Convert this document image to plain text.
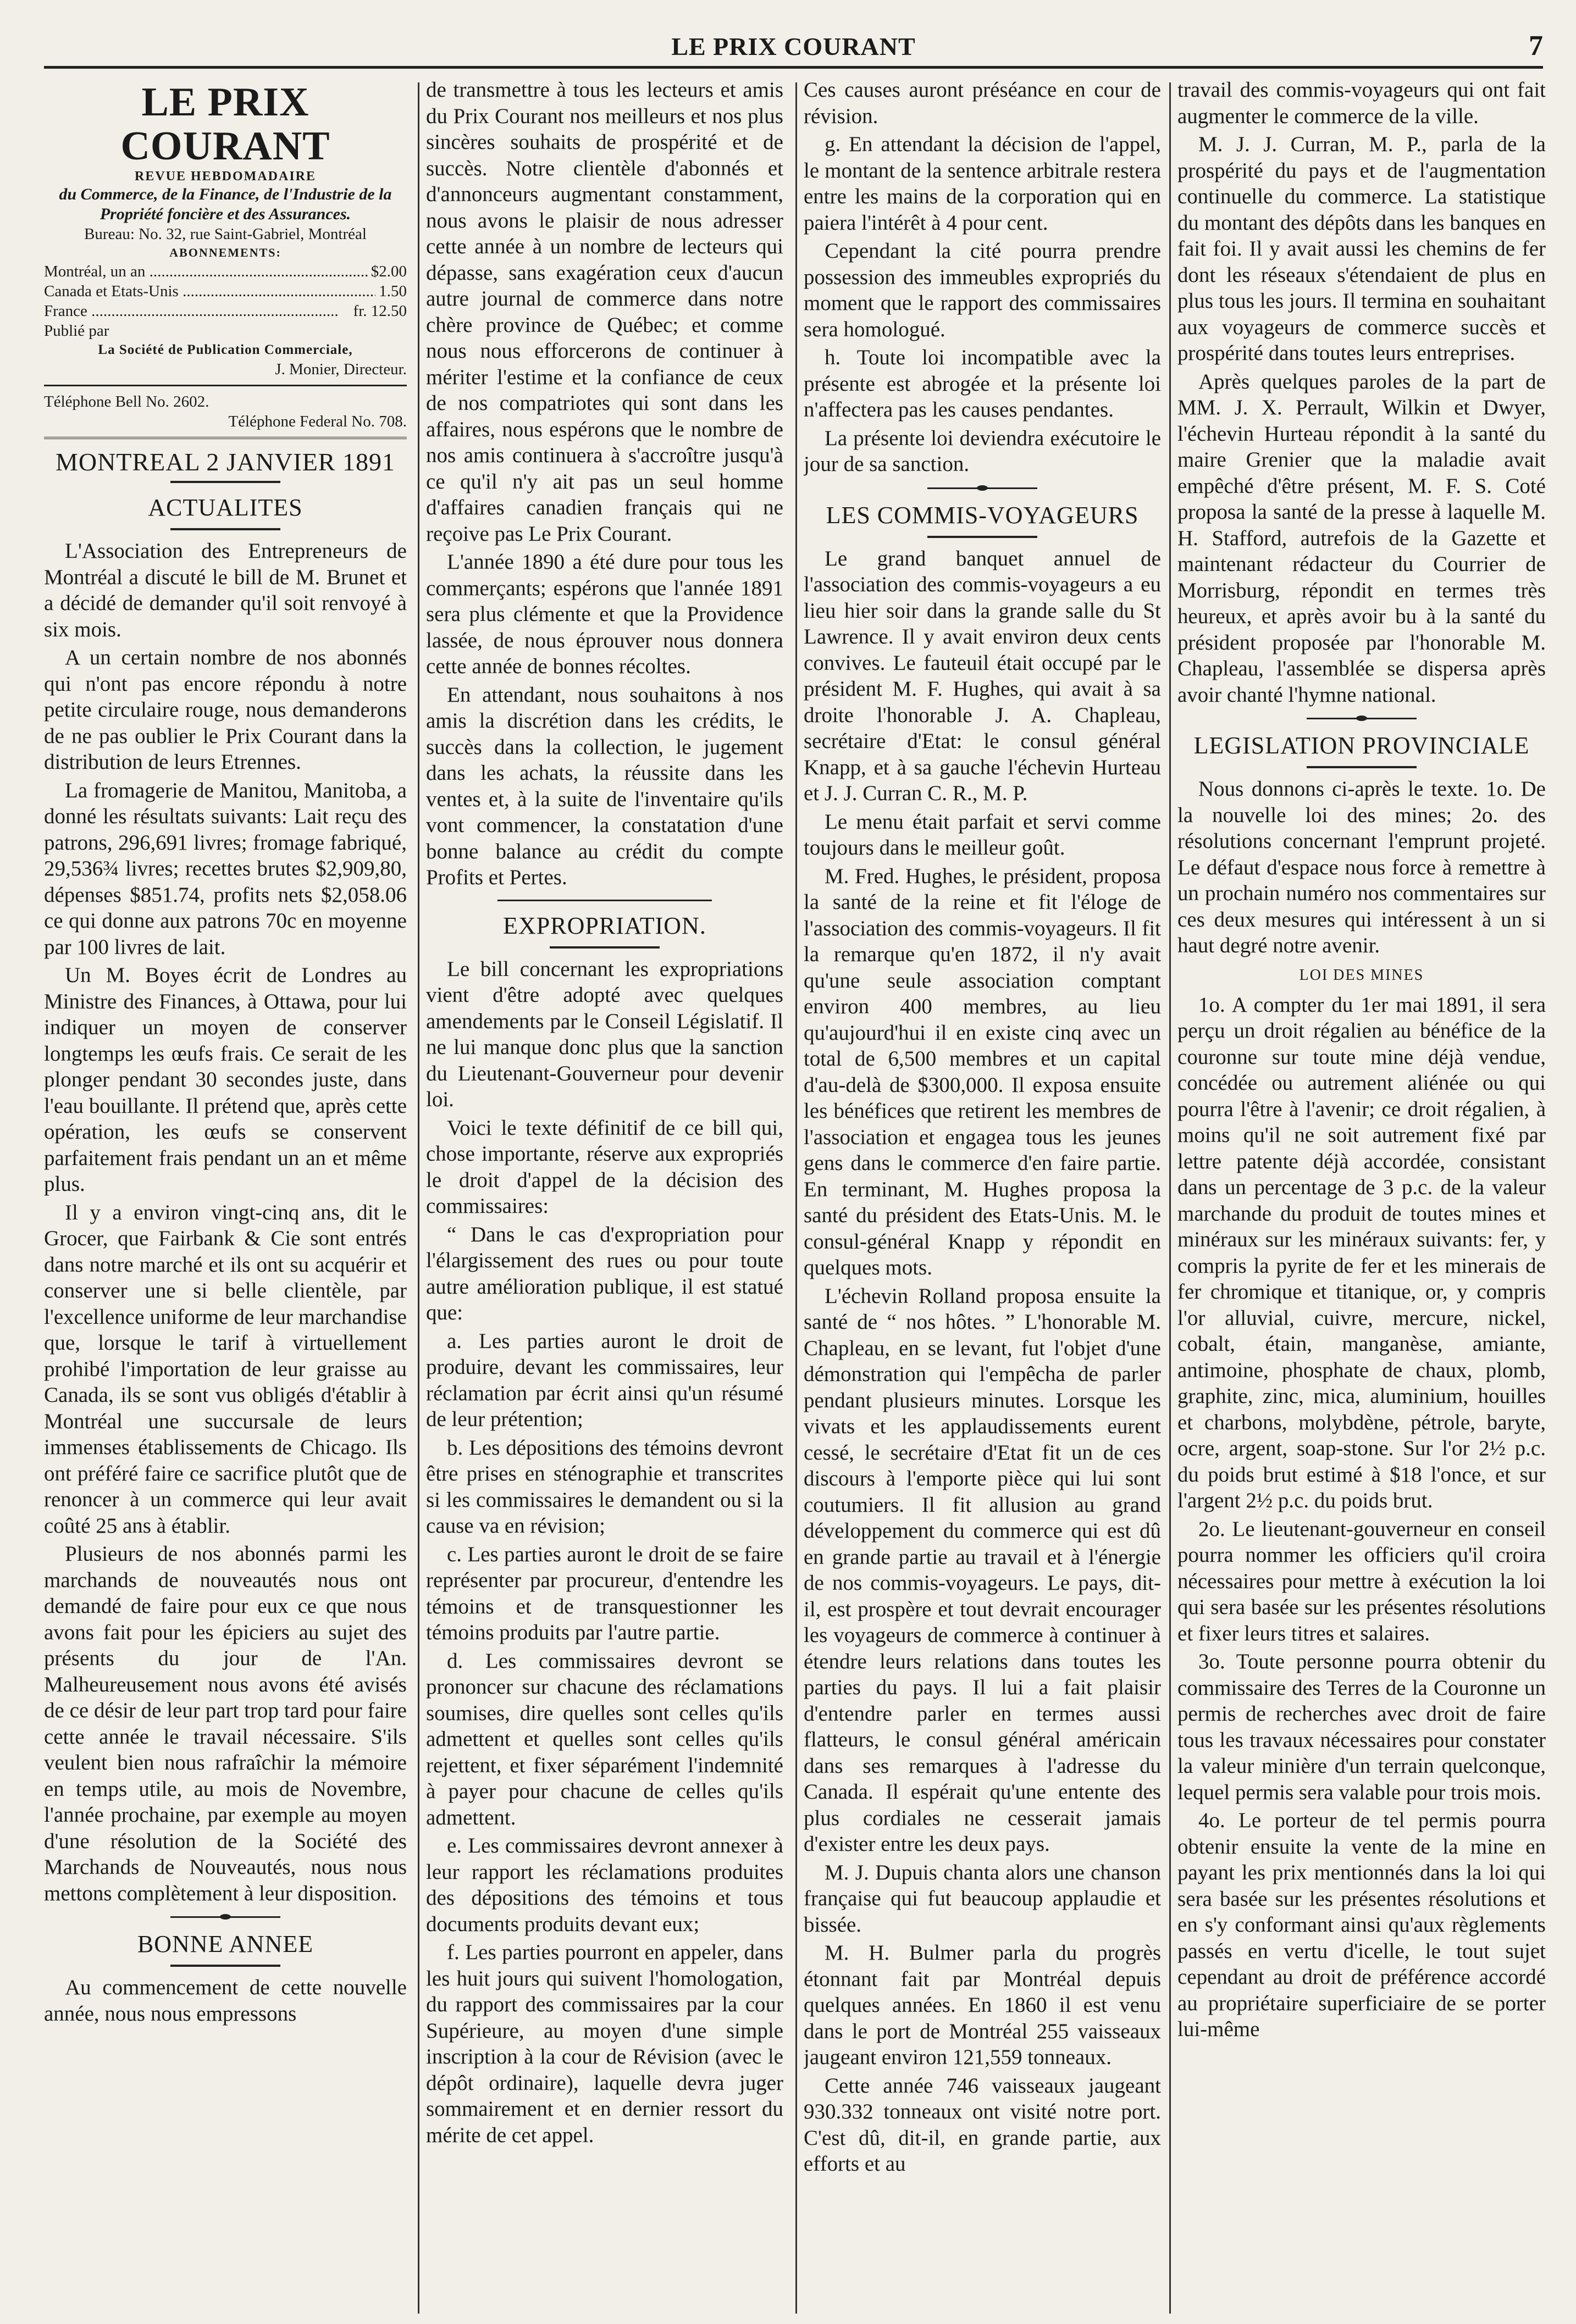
LE PRIX COURANT	7
LE PRIX COURANT
REVUE HEBDOMADAIRE
du Commerce, de la Finance, de l'Industrie de la Propriété foncière et des Assurances.
Bureau: No. 32, rue Saint-Gabriel, Montréal
ABONNEMENTS:
Montréal, un an .....	$2.00
Canada et Etats-Unis .....	1.50
France .....	fr. 12.50
Publié par
La Société de Publication Commerciale,
J. Monier, Directeur.
Téléphone Bell No. 2602.
Téléphone Federal No. 708.
MONTREAL 2 JANVIER 1891
ACTUALITES

L'Association des Entrepreneurs de Montréal a discuté le bill de M. Brunet et a décidé de demander qu'il soit renvoyé à six mois.

A un certain nombre de nos abonnés qui n'ont pas encore répondu à notre petite circulaire rouge, nous demanderons de ne pas oublier le Prix Courant dans la distribution de leurs Etrennes.

La fromagerie de Manitou, Manitoba, a donné les résultats suivants: Lait reçu des patrons, 296,691 livres; fromage fabriqué, 29,536¾ livres; recettes brutes $2,909,80, dépenses $851.74, profits nets $2,058.06 ce qui donne aux patrons 70c en moyenne par 100 livres de lait.

Un M. Boyes écrit de Londres au Ministre des Finances, à Ottawa, pour lui indiquer un moyen de conserver longtemps les œufs frais. Ce serait de les plonger pendant 30 secondes juste, dans l'eau bouillante. Il prétend que, après cette opération, les œufs se conservent parfaitement frais pendant un an et même plus.

Il y a environ vingt-cinq ans, dit le Grocer, que Fairbank & Cie sont entrés dans notre marché et ils ont su acquérir et conserver une si belle clientèle, par l'excellence uniforme de leur marchandise que, lorsque le tarif à virtuellement prohibé l'importation de leur graisse au Canada, ils se sont vus obligés d'établir à Montréal une succursale de leurs immenses établissements de Chicago. Ils ont préféré faire ce sacrifice plutôt que de renoncer à un commerce qui leur avait coûté 25 ans à établir.

Plusieurs de nos abonnés parmi les marchands de nouveautés nous ont demandé de faire pour eux ce que nous avons fait pour les épiciers au sujet des présents du jour de l'An. Malheureusement nous avons été avisés de ce désir de leur part trop tard pour faire cette année le travail nécessaire. S'ils veulent bien nous rafraîchir la mémoire en temps utile, au mois de Novembre, l'année prochaine, par exemple au moyen d'une résolution de la Société des Marchands de Nouveautés, nous nous mettons complètement à leur disposition.

BONNE ANNEE

Au commencement de cette nouvelle année, nous nous empressons

de transmettre à tous les lecteurs et amis du Prix Courant nos meilleurs et nos plus sincères souhaits de prospérité et de succès. Notre clientèle d'abonnés et d'annonceurs augmentant constamment, nous avons le plaisir de nous adresser cette année à un nombre de lecteurs qui dépasse, sans exagération ceux d'aucun autre journal de commerce dans notre chère province de Québec; et comme nous nous efforcerons de continuer à mériter l'estime et la confiance de ceux de nos compatriotes qui sont dans les affaires, nous espérons que le nombre de nos amis continuera à s'accroître jusqu'à ce qu'il n'y ait pas un seul homme d'affaires canadien français qui ne reçoive pas Le Prix Courant.

L'année 1890 a été dure pour tous les commerçants; espérons que l'année 1891 sera plus clémente et que la Providence lassée, de nous éprouver nous donnera cette année de bonnes récoltes.

En attendant, nous souhaitons à nos amis la discrétion dans les crédits, le succès dans la collection, le jugement dans les achats, la réussite dans les ventes et, à la suite de l'inventaire qu'ils vont commencer, la constatation d'une bonne balance au crédit du compte Profits et Pertes.

EXPROPRIATION.

Le bill concernant les expropriations vient d'être adopté avec quelques amendements par le Conseil Législatif. Il ne lui manque donc plus que la sanction du Lieutenant-Gouverneur pour devenir loi.

Voici le texte définitif de ce bill qui, chose importante, réserve aux expropriés le droit d'appel de la décision des commissaires:

“ Dans le cas d'expropriation pour l'élargissement des rues ou pour toute autre amélioration publique, il est statué que:

a. Les parties auront le droit de produire, devant les commissaires, leur réclamation par écrit ainsi qu'un résumé de leur prétention;

b. Les dépositions des témoins devront être prises en sténographie et transcrites si les commissaires le demandent ou si la cause va en révision;

c. Les parties auront le droit de se faire représenter par procureur, d'entendre les témoins et de transquestionner les témoins produits par l'autre partie.

d. Les commissaires devront se prononcer sur chacune des réclamations soumises, dire quelles sont celles qu'ils admettent et quelles sont celles qu'ils rejettent, et fixer séparément l'indemnité à payer pour chacune de celles qu'ils admettent.

e. Les commissaires devront annexer à leur rapport les réclamations produites des dépositions des témoins et tous documents produits devant eux;

f. Les parties pourront en appeler, dans les huit jours qui suivent l'homologation, du rapport des commissaires par la cour Supérieure, au moyen d'une simple inscription à la cour de Révision (avec le dépôt ordinaire), laquelle devra juger sommairement et en dernier ressort du mérite de cet appel.

Ces causes auront préséance en cour de révision.

g. En attendant la décision de l'appel, le montant de la sentence arbitrale restera entre les mains de la corporation qui en paiera l'intérêt à 4 pour cent.

Cependant la cité pourra prendre possession des immeubles expropriés du moment que le rapport des commissaires sera homologué.

h. Toute loi incompatible avec la présente est abrogée et la présente loi n'affectera pas les causes pendantes.

La présente loi deviendra exécutoire le jour de sa sanction.

LES COMMIS-VOYAGEURS

Le grand banquet annuel de l'association des commis-voyageurs a eu lieu hier soir dans la grande salle du St Lawrence. Il y avait environ deux cents convives. Le fauteuil était occupé par le président M. F. Hughes, qui avait à sa droite l'honorable J. A. Chapleau, secrétaire d'Etat: le consul général Knapp, et à sa gauche l'échevin Hurteau et J. J. Curran C. R., M. P.

Le menu était parfait et servi comme toujours dans le meilleur goût.

M. Fred. Hughes, le président, proposa la santé de la reine et fit l'éloge de l'association des commis-voyageurs. Il fit la remarque qu'en 1872, il n'y avait qu'une seule association comptant environ 400 membres, au lieu qu'aujourd'hui il en existe cinq avec un total de 6,500 membres et un capital d'au-delà de $300,000. Il exposa ensuite les bénéfices que retirent les membres de l'association et engagea tous les jeunes gens dans le commerce d'en faire partie. En terminant, M. Hughes proposa la santé du président des Etats-Unis. M. le consul-général Knapp y répondit en quelques mots.

L'échevin Rolland proposa ensuite la santé de “ nos hôtes. ” L'honorable M. Chapleau, en se levant, fut l'objet d'une démonstration qui l'empêcha de parler pendant plusieurs minutes. Lorsque les vivats et les applaudissements eurent cessé, le secrétaire d'Etat fit un de ces discours à l'emporte pièce qui lui sont coutumiers. Il fit allusion au grand développement du commerce qui est dû en grande partie au travail et à l'énergie de nos commis-voyageurs. Le pays, dit-il, est prospère et tout devrait encourager les voyageurs de commerce à continuer à étendre leurs relations dans toutes les parties du pays. Il lui a fait plaisir d'entendre parler en termes aussi flatteurs, le consul général américain dans ses remarques à l'adresse du Canada. Il espérait qu'une entente des plus cordiales ne cesserait jamais d'exister entre les deux pays.

M. J. Dupuis chanta alors une chanson française qui fut beaucoup applaudie et bissée.

M. H. Bulmer parla du progrès étonnant fait par Montréal depuis quelques années. En 1860 il est venu dans le port de Montréal 255 vaisseaux jaugeant environ 121,559 tonneaux.

Cette année 746 vaisseaux jaugeant 930.332 tonneaux ont visité notre port. C'est dû, dit-il, en grande partie, aux efforts et au

travail des commis-voyageurs qui ont fait augmenter le commerce de la ville.

M. J. J. Curran, M. P., parla de la prospérité du pays et de l'augmentation continuelle du commerce. La statistique du montant des dépôts dans les banques en fait foi. Il y avait aussi les chemins de fer dont les réseaux s'étendaient de plus en plus tous les jours. Il termina en souhaitant aux voyageurs de commerce succès et prospérité dans toutes leurs entreprises.

Après quelques paroles de la part de MM. J. X. Perrault, Wilkin et Dwyer, l'échevin Hurteau répondit à la santé du maire Grenier que la maladie avait empêché d'être présent, M. F. S. Coté proposa la santé de la presse à laquelle M. H. Stafford, autrefois de la Gazette et maintenant rédacteur du Courrier de Morrisburg, répondit en termes très heureux, et après avoir bu à la santé du président proposée par l'honorable M. Chapleau, l'assemblée se dispersa après avoir chanté l'hymne national.

LEGISLATION PROVINCIALE

Nous donnons ci-après le texte. 1o. De la nouvelle loi des mines; 2o. des résolutions concernant l'emprunt projeté. Le défaut d'espace nous force à remettre à un prochain numéro nos commentaires sur ces deux mesures qui intéressent à un si haut degré notre avenir.

LOI DES MINES

1o. A compter du 1er mai 1891, il sera perçu un droit régalien au bénéfice de la couronne sur toute mine déjà vendue, concédée ou autrement aliénée ou qui pourra l'être à l'avenir; ce droit régalien, à moins qu'il ne soit autrement fixé par lettre patente déjà accordée, consistant dans un percentage de 3 p.c. de la valeur marchande du produit de toutes mines et minéraux sur les minéraux suivants: fer, y compris la pyrite de fer et les minerais de fer chromique et titanique, or, y compris l'or alluvial, cuivre, mercure, nickel, cobalt, étain, manganèse, amiante, antimoine, phosphate de chaux, plomb, graphite, zinc, mica, aluminium, houilles et charbons, molybdène, pétrole, baryte, ocre, argent, soap-stone. Sur l'or 2½ p.c. du poids brut estimé à $18 l'once, et sur l'argent 2½ p.c. du poids brut.

2o. Le lieutenant-gouverneur en conseil pourra nommer les officiers qu'il croira nécessaires pour mettre à exécution la loi qui sera basée sur les présentes résolutions et fixer leurs titres et salaires.

3o. Toute personne pourra obtenir du commissaire des Terres de la Couronne un permis de recherches avec droit de faire tous les travaux nécessaires pour constater la valeur minière d'un terrain quelconque, lequel permis sera valable pour trois mois.

4o. Le porteur de tel permis pourra obtenir ensuite la vente de la mine en payant les prix mentionnés dans la loi qui sera basée sur les présentes résolutions et en s'y conformant ainsi qu'aux règlements passés en vertu d'icelle, le tout sujet cependant au droit de préférence accordé au propriétaire superficiaire de se porter lui-même
